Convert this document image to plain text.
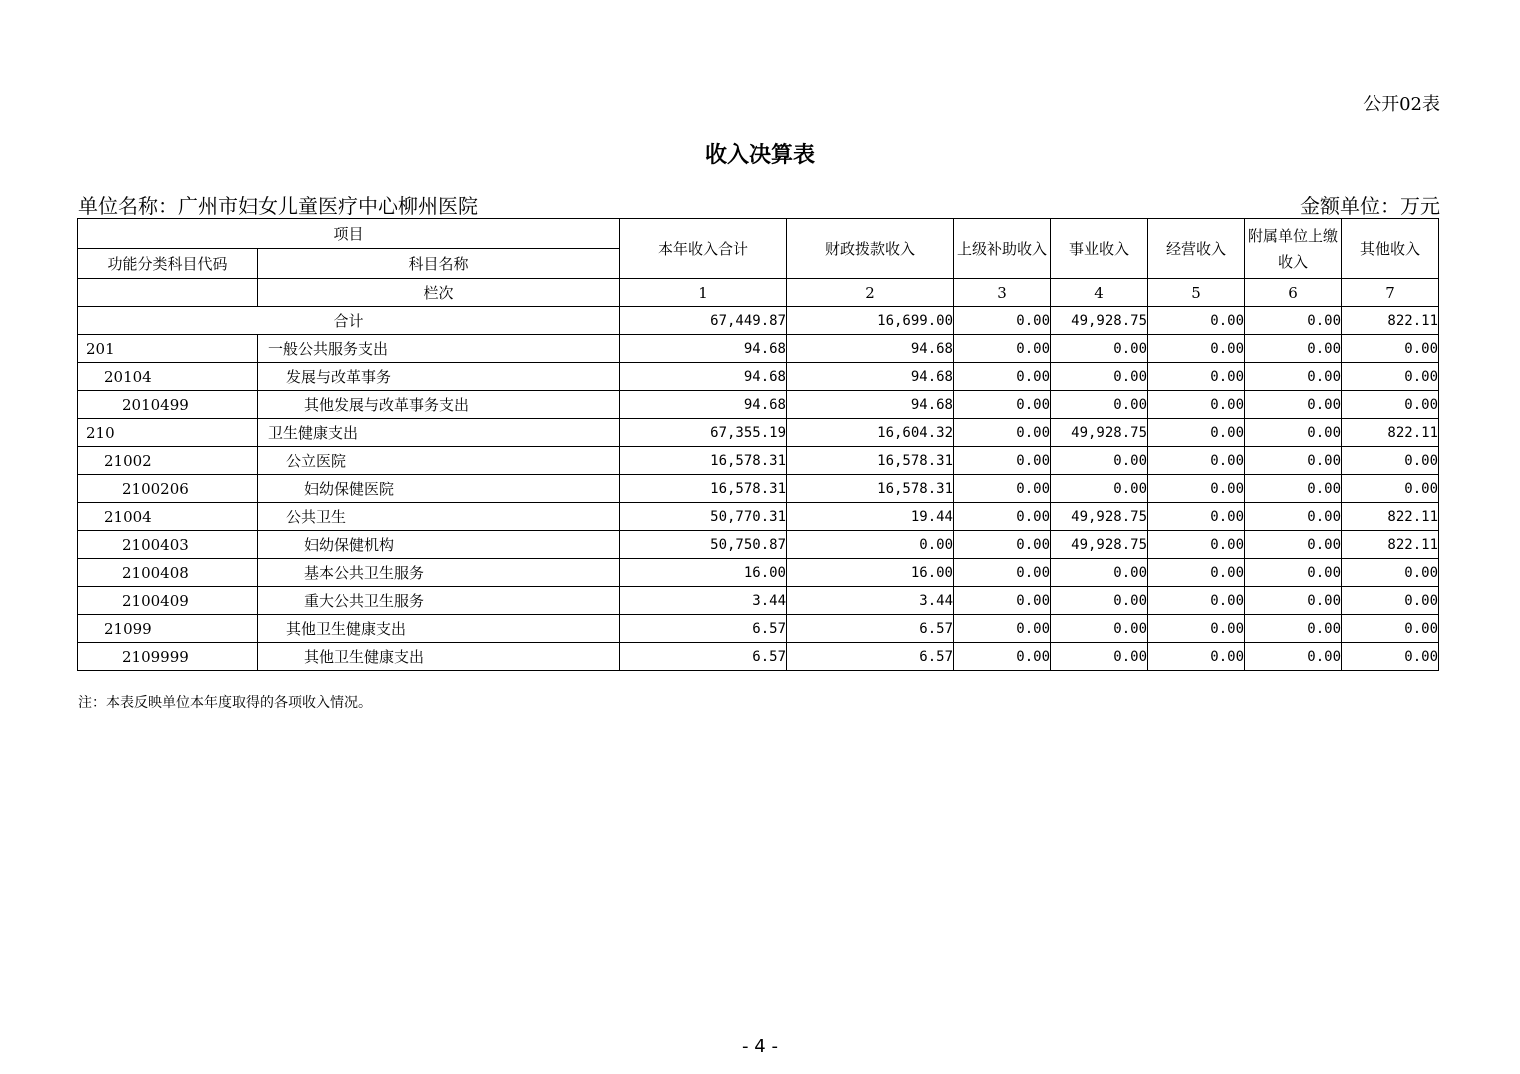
公开02表
收入决算表
单位名称：广州市妇女儿童医疗中心柳州医院	金额单位：万元
项目		本年收入合计	财政拨款收入	上级补助收入	事业收入	经营收入	附属单位上缴收入	其他收入
功能分类科目代码	科目名称							
	栏次	1	2	3	4	5	6	7
合计		67,449.87	16,699.00	0.00	49,928.75	0.00	0.00	822.11
201	一般公共服务支出	94.68	94.68	0.00	0.00	0.00	0.00	0.00
20104	发展与改革事务	94.68	94.68	0.00	0.00	0.00	0.00	0.00
2010499	其他发展与改革事务支出	94.68	94.68	0.00	0.00	0.00	0.00	0.00
210	卫生健康支出	67,355.19	16,604.32	0.00	49,928.75	0.00	0.00	822.11
21002	公立医院	16,578.31	16,578.31	0.00	0.00	0.00	0.00	0.00
2100206	妇幼保健医院	16,578.31	16,578.31	0.00	0.00	0.00	0.00	0.00
21004	公共卫生	50,770.31	19.44	0.00	49,928.75	0.00	0.00	822.11
2100403	妇幼保健机构	50,750.87	0.00	0.00	49,928.75	0.00	0.00	822.11
2100408	基本公共卫生服务	16.00	16.00	0.00	0.00	0.00	0.00	0.00
2100409	重大公共卫生服务	3.44	3.44	0.00	0.00	0.00	0.00	0.00
21099	其他卫生健康支出	6.57	6.57	0.00	0.00	0.00	0.00	0.00
2109999	其他卫生健康支出	6.57	6.57	0.00	0.00	0.00	0.00	0.00
注：本表反映单位本年度取得的各项收入情况。
- 4 -
